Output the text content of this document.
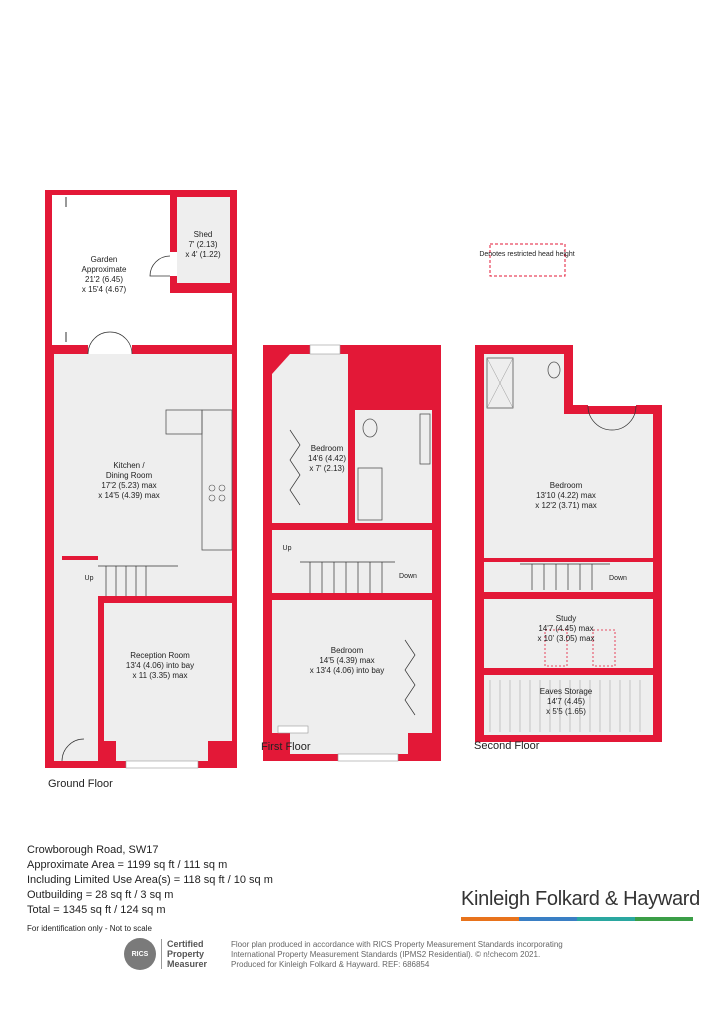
Denotes restricted head height
Garden
Approximate
21'2 (6.45)
x 15'4 (4.67)
Shed
7' (2.13)
x 4' (1.22)
Kitchen /
Dining Room
17'2 (5.23) max
x 14'5 (4.39) max
Up
Reception Room
13'4 (4.06) into bay
x 11 (3.35) max
Bedroom
14'6 (4.42)
x 7' (2.13)
Up
Down
Bedroom
14'5 (4.39) max
x 13'4 (4.06) into bay
Bedroom
13'10 (4.22) max
x 12'2 (3.71) max
Down
Study
14'7 (4.45) max
x 10' (3.05) max
Eaves Storage
14'7 (4.45)
x 5'5 (1.65)
Ground Floor
First Floor	Second Floor
Crowborough Road, SW17
Approximate Area = 1199 sq ft / 111 sq m
Including Limited Use Area(s) = 118 sq ft / 10 sq m
Outbuilding = 28 sq ft / 3 sq m
Total = 1345 sq ft / 124 sq m
For identification only - Not to scale
Kinleigh Folkard & Hayward
RICS
Certified
Property
Measurer
Floor plan produced in accordance with RICS Property Measurement Standards incorporating
International Property Measurement Standards (IPMS2 Residential). © n!checom 2021.
Produced for Kinleigh Folkard & Hayward. REF: 686854
